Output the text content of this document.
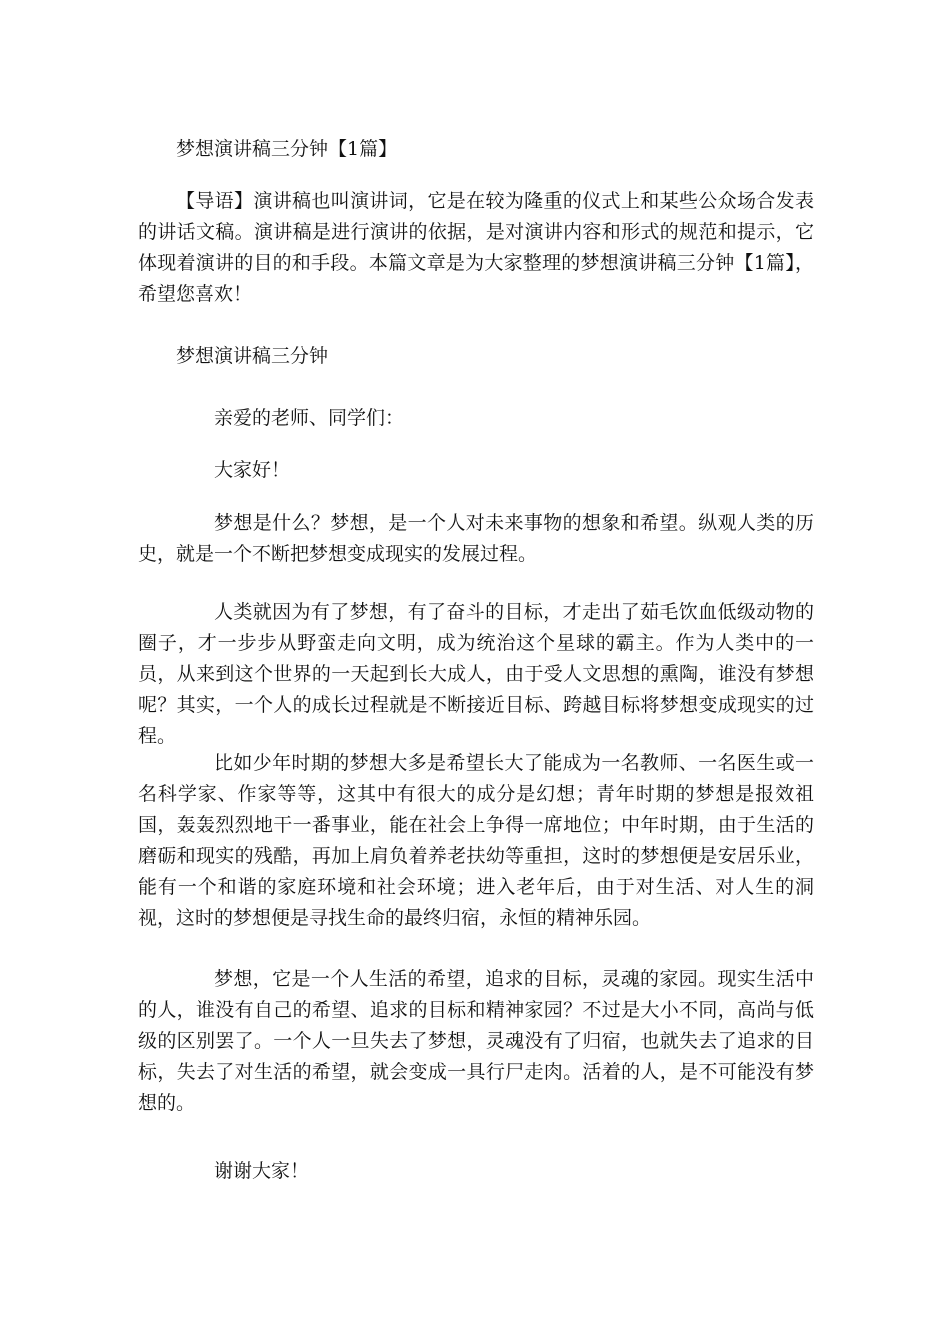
梦想演讲稿三分钟【1篇】

【导语】演讲稿也叫演讲词，它是在较为隆重的仪式上和某些公众场合发表的讲话文稿。演讲稿是进行演讲的依据，是对演讲内容和形式的规范和提示，它体现着演讲的目的和手段。本篇文章是为大家整理的梦想演讲稿三分钟【1篇】，希望您喜欢！

梦想演讲稿三分钟

亲爱的老师、同学们：

大家好！

梦想是什么？梦想，是一个人对未来事物的想象和希望。纵观人类的历史，就是一个不断把梦想变成现实的发展过程。

人类就因为有了梦想，有了奋斗的目标，才走出了茹毛饮血低级动物的圈子，才一步步从野蛮走向文明，成为统治这个星球的霸主。作为人类中的一员，从来到这个世界的一天起到长大成人，由于受人文思想的熏陶，谁没有梦想呢？其实，一个人的成长过程就是不断接近目标、跨越目标将梦想变成现实的过程。

比如少年时期的梦想大多是希望长大了能成为一名教师、一名医生或一名科学家、作家等等，这其中有很大的成分是幻想；青年时期的梦想是报效祖国，轰轰烈烈地干一番事业，能在社会上争得一席地位；中年时期，由于生活的磨砺和现实的残酷，再加上肩负着养老扶幼等重担，这时的梦想便是安居乐业，能有一个和谐的家庭环境和社会环境；进入老年后，由于对生活、对人生的洞视，这时的梦想便是寻找生命的最终归宿，永恒的精神乐园。

梦想，它是一个人生活的希望，追求的目标，灵魂的家园。现实生活中的人，谁没有自己的希望、追求的目标和精神家园？不过是大小不同，高尚与低级的区别罢了。一个人一旦失去了梦想，灵魂没有了归宿，也就失去了追求的目标，失去了对生活的希望，就会变成一具行尸走肉。活着的人，是不可能没有梦想的。

谢谢大家！
